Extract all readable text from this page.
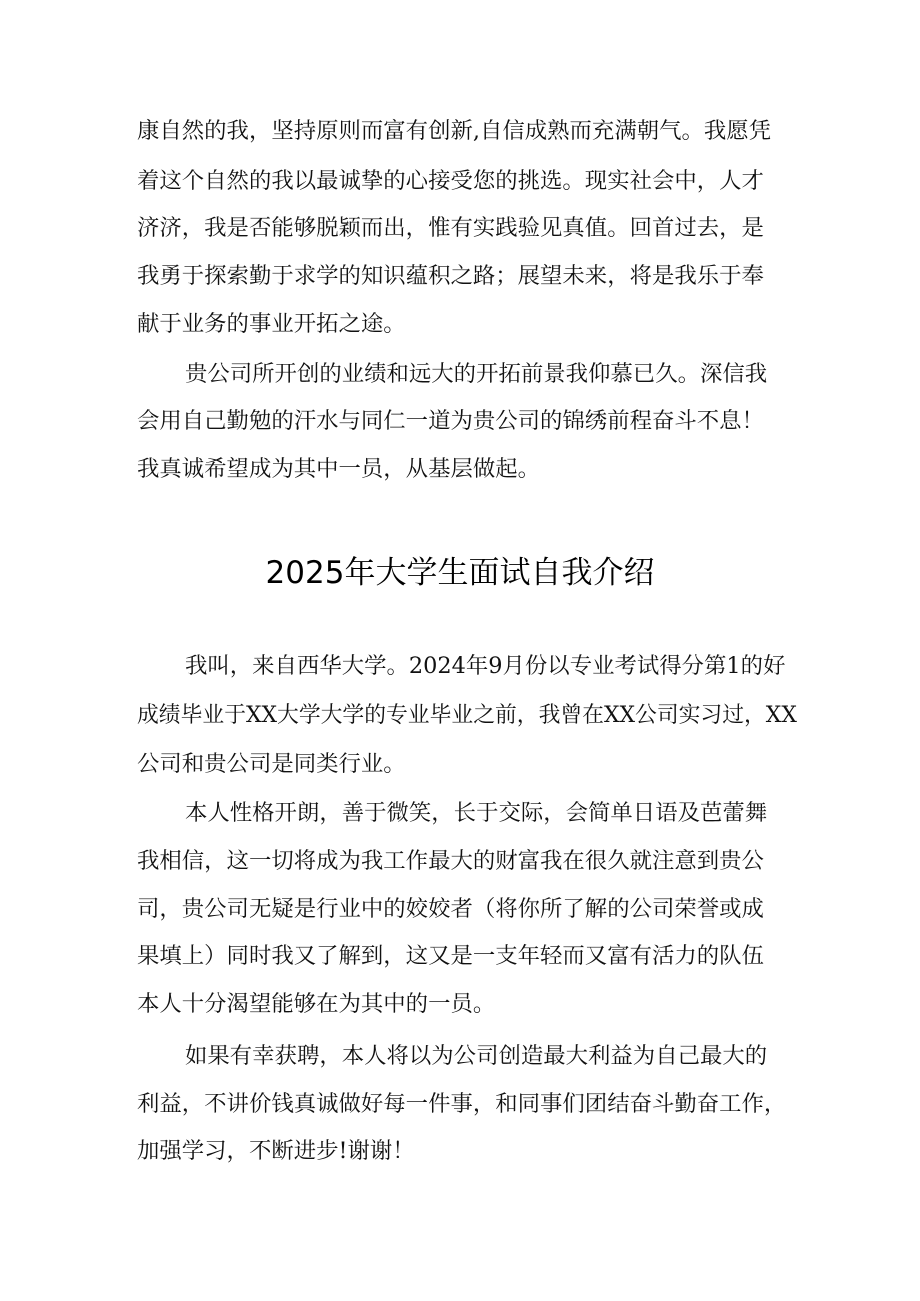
康自然的我，坚持原则而富有创新,自信成熟而充满朝气。我愿凭
着这个自然的我以最诚挚的心接受您的挑选。现实社会中，人才
济济，我是否能够脱颖而出，惟有实践验见真值。回首过去，是
我勇于探索勤于求学的知识蕴积之路；展望未来，将是我乐于奉
献于业务的事业开拓之途。
贵公司所开创的业绩和远大的开拓前景我仰慕已久。深信我
会用自己勤勉的汗水与同仁一道为贵公司的锦绣前程奋斗不息！
我真诚希望成为其中一员，从基层做起。
2025年大学生面试自我介绍
我叫，来自西华大学。2024年9月份以专业考试得分第1的好
成绩毕业于XX大学大学的专业毕业之前，我曾在XX公司实习过，XX
公司和贵公司是同类行业。
本人性格开朗，善于微笑，长于交际，会简单日语及芭蕾舞
我相信，这一切将成为我工作最大的财富我在很久就注意到贵公
司，贵公司无疑是行业中的姣姣者（将你所了解的公司荣誉或成
果填上）同时我又了解到，这又是一支年轻而又富有活力的队伍
本人十分渴望能够在为其中的一员。
如果有幸获聘，本人将以为公司创造最大利益为自己最大的
利益，不讲价钱真诚做好每一件事，和同事们团结奋斗勤奋工作，
加强学习，不断进步!谢谢！
